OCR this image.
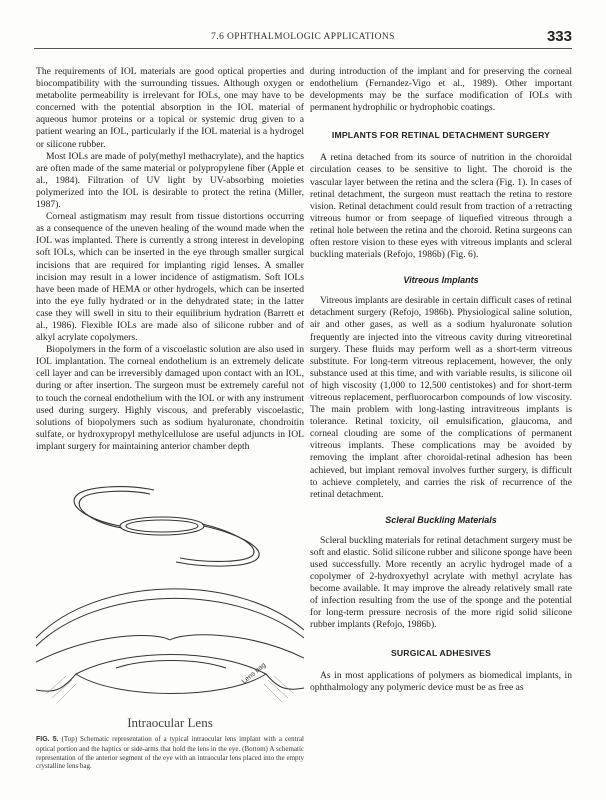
7.6 OPHTHALMOLOGIC APPLICATIONS	333

The requirements of IOL materials are good optical properties and biocompatibility with the surrounding tissues. Although oxygen or metabolite permeability is irrelevant for IOLs, one may have to be concerned with the potential absorption in the IOL material of aqueous humor proteins or a topical or systemic drug given to a patient wearing an IOL, particularly if the IOL material is a hydrogel or silicone rubber.

Most IOLs are made of poly(methyl methacrylate), and the haptics are often made of the same material or polypropylene fiber (Apple et al., 1984). Filtration of UV light by UV-absorbing moieties polymerized into the IOL is desirable to protect the retina (Miller, 1987).

Corneal astigmatism may result from tissue distortions occurring as a consequence of the uneven healing of the wound made when the IOL was implanted. There is currently a strong interest in developing soft IOLs, which can be inserted in the eye through smaller surgical incisions that are required for implanting rigid lenses. A smaller incision may result in a lower incidence of astigmatism. Soft IOLs have been made of HEMA or other hydrogels, which can be inserted into the eye fully hydrated or in the dehydrated state; in the latter case they will swell in situ to their equilibrium hydration (Barrett et al., 1986). Flexible IOLs are made also of silicone rubber and of alkyl acrylate copolymers.

Biopolymers in the form of a viscoelastic solution are also used in IOL implantation. The corneal endothelium is an extremely delicate cell layer and can be irreversibly damaged upon contact with an IOL, during or after insertion. The surgeon must be extremely careful not to touch the corneal endothelium with the IOL or with any instrument used during surgery. Highly viscous, and preferably viscoelastic, solutions of biopolymers such as sodium hyaluronate, chondroitin sulfate, or hydroxypropyl methylcellulose are useful adjuncts in IOL implant surgery for maintaining anterior chamber depth

Lens bag
Intraocular Lens
FIG. 5. (Top) Schematic representation of a typical intraocular lens implant with a central optical portion and the haptics or side-arms that hold the lens in the eye. (Bottom) A schematic representation of the anterior segment of the eye with an intraocular lens placed into the empty crystalline lens bag.

during introduction of the implant and for preserving the corneal endothelium (Fernandez-Vigo et al., 1989). Other important developments may be the surface modification of IOLs with permanent hydrophilic or hydrophobic coatings.

IMPLANTS FOR RETINAL DETACHMENT SURGERY

A retina detached from its source of nutrition in the choroidal circulation ceases to be sensitive to light. The choroid is the vascular layer between the retina and the sclera (Fig. 1). In cases of retinal detachment, the surgeon must reattach the retina to restore vision. Retinal detachment could result from traction of a retracting vitreous humor or from seepage of liquefied vitreous through a retinal hole between the retina and the choroid. Retina surgeons can often restore vision to these eyes with vitreous implants and scleral buckling materials (Refojo, 1986b) (Fig. 6).

Vitreous Implants

Vitreous implants are desirable in certain difficult cases of retinal detachment surgery (Refojo, 1986b). Physiological saline solution, air and other gases, as well as a sodium hyaluronate solution frequently are injected into the vitreous cavity during vitreoretinal surgery. These fluids may perform well as a short-term vitreous substitute. For long-term vitreous replacement, however, the only substance used at this time, and with variable results, is silicone oil of high viscosity (1,000 to 12,500 centistokes) and for short-term vitreous replacement, perfluorocarbon compounds of low viscosity. The main problem with long-lasting intravitreous implants is tolerance. Retinal toxicity, oil emulsification, glaucoma, and corneal clouding are some of the complications of permanent vitreous implants. These complications may be avoided by removing the implant after choroidal-retinal adhesion has been achieved, but implant removal involves further surgery, is difficult to achieve completely, and carries the risk of recurrence of the retinal detachment.

Scleral Buckling Materials

Scleral buckling materials for retinal detachment surgery must be soft and elastic. Solid silicone rubber and silicone sponge have been used successfully. More recently an acrylic hydrogel made of a copolymer of 2-hydroxyethyl acrylate with methyl acrylate has become available. It may improve the already relatively small rate of infection resulting from the use of the sponge and the potential for long-term pressure necrosis of the more rigid solid silicone rubber implants (Refojo, 1986b).

SURGICAL ADHESIVES

As in most applications of polymers as biomedical implants, in ophthalmology any polymeric device must be as free as
